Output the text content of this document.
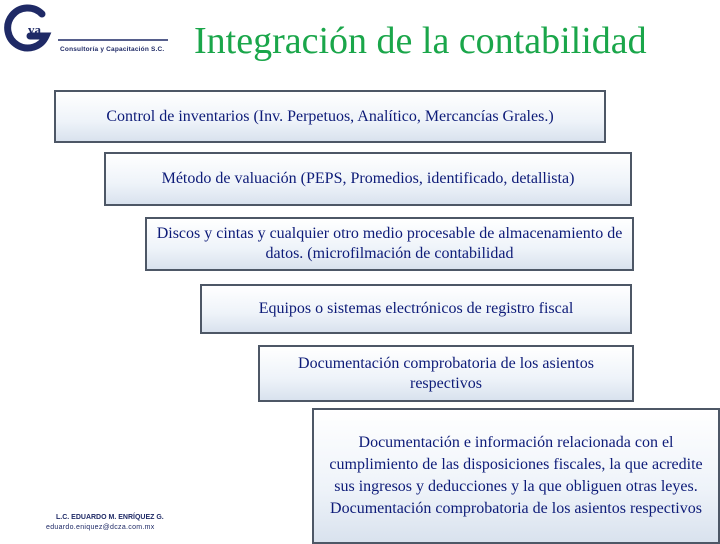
va
Consultoría y Capacitación S.C. Integración de la contabilidad
Control de inventarios (Inv. Perpetuos, Analítico, Mercancías Grales.)
Método de valuación (PEPS, Promedios, identificado, detallista)
Discos y cintas y cualquier otro medio procesable de almacenamiento de datos. (microfilmación de contabilidad
Equipos o sistemas electrónicos de registro fiscal
Documentación comprobatoria de los asientos respectivos
Documentación e información relacionada con el cumplimiento de las disposiciones fiscales, la que acredite sus ingresos y deducciones y la que obliguen otras leyes. Documentación comprobatoria de los asientos respectivos
L.C. EDUARDO M. ENRÍQUEZ G.
eduardo.eniquez@dcza.com.mx
